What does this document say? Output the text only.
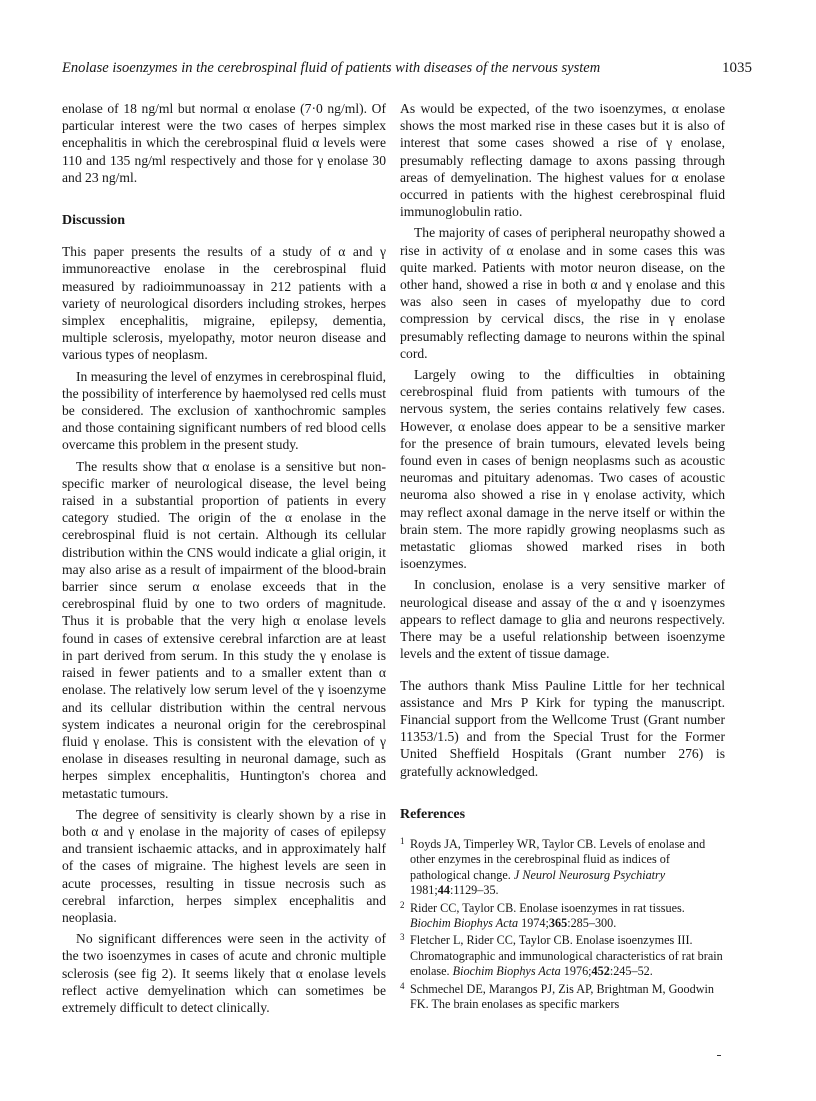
Enolase isoenzymes in the cerebrospinal fluid of patients with diseases of the nervous system	1035

enolase of 18 ng/ml but normal α enolase (7·0 ng/ml). Of particular interest were the two cases of herpes simplex encephalitis in which the cerebrospinal fluid α levels were 110 and 135 ng/ml respectively and those for γ enolase 30 and 23 ng/ml.

Discussion

This paper presents the results of a study of α and γ immunoreactive enolase in the cerebrospinal fluid measured by radioimmunoassay in 212 patients with a variety of neurological disorders including strokes, herpes simplex encephalitis, migraine, epilepsy, dementia, multiple sclerosis, myelopathy, motor neuron disease and various types of neoplasm.

In measuring the level of enzymes in cerebrospinal fluid, the possibility of interference by haemolysed red cells must be considered. The exclusion of xanthochromic samples and those containing significant numbers of red blood cells overcame this problem in the present study.

The results show that α enolase is a sensitive but non-specific marker of neurological disease, the level being raised in a substantial proportion of patients in every category studied. The origin of the α enolase in the cerebrospinal fluid is not certain. Although its cellular distribution within the CNS would indicate a glial origin, it may also arise as a result of impairment of the blood-brain barrier since serum α enolase exceeds that in the cerebrospinal fluid by one to two orders of magnitude. Thus it is probable that the very high α enolase levels found in cases of extensive cerebral infarction are at least in part derived from serum. In this study the γ enolase is raised in fewer patients and to a smaller extent than α enolase. The relatively low serum level of the γ isoenzyme and its cellular distribution within the central nervous system indicates a neuronal origin for the cerebrospinal fluid γ enolase. This is consistent with the elevation of γ enolase in diseases resulting in neuronal damage, such as herpes simplex encephalitis, Huntington's chorea and metastatic tumours.

The degree of sensitivity is clearly shown by a rise in both α and γ enolase in the majority of cases of epilepsy and transient ischaemic attacks, and in approximately half of the cases of migraine. The highest levels are seen in acute processes, resulting in tissue necrosis such as cerebral infarction, herpes simplex encephalitis and neoplasia.

No significant differences were seen in the activity of the two isoenzymes in cases of acute and chronic multiple sclerosis (see fig 2). It seems likely that α enolase levels reflect active demyelination which can sometimes be extremely difficult to detect clinically.

As would be expected, of the two isoenzymes, α enolase shows the most marked rise in these cases but it is also of interest that some cases showed a rise of γ enolase, presumably reflecting damage to axons passing through areas of demyelination. The highest values for α enolase occurred in patients with the highest cerebrospinal fluid immunoglobulin ratio.

The majority of cases of peripheral neuropathy showed a rise in activity of α enolase and in some cases this was quite marked. Patients with motor neuron disease, on the other hand, showed a rise in both α and γ enolase and this was also seen in cases of myelopathy due to cord compression by cervical discs, the rise in γ enolase presumably reflecting damage to neurons within the spinal cord.

Largely owing to the difficulties in obtaining cerebrospinal fluid from patients with tumours of the nervous system, the series contains relatively few cases. However, α enolase does appear to be a sensitive marker for the presence of brain tumours, elevated levels being found even in cases of benign neoplasms such as acoustic neuromas and pituitary adenomas. Two cases of acoustic neuroma also showed a rise in γ enolase activity, which may reflect axonal damage in the nerve itself or within the brain stem. The more rapidly growing neoplasms such as metastatic gliomas showed marked rises in both isoenzymes.

In conclusion, enolase is a very sensitive marker of neurological disease and assay of the α and γ isoenzymes appears to reflect damage to glia and neurons respectively. There may be a useful relationship between isoenzyme levels and the extent of tissue damage.

The authors thank Miss Pauline Little for her technical assistance and Mrs P Kirk for typing the manuscript. Financial support from the Wellcome Trust (Grant number 11353/1.5) and from the Special Trust for the Former United Sheffield Hospitals (Grant number 276) is gratefully acknowledged.

References
1 Royds JA, Timperley WR, Taylor CB. Levels of enolase and other enzymes in the cerebrospinal fluid as indices of pathological change. J Neurol Neurosurg Psychiatry 1981;44:1129–35.
2 Rider CC, Taylor CB. Enolase isoenzymes in rat tissues. Biochim Biophys Acta 1974;365:285–300.
3 Fletcher L, Rider CC, Taylor CB. Enolase isoenzymes III. Chromatographic and immunological characteristics of rat brain enolase. Biochim Biophys Acta 1976;452:245–52.
4 Schmechel DE, Marangos PJ, Zis AP, Brightman M, Goodwin FK. The brain enolases as specific markers
